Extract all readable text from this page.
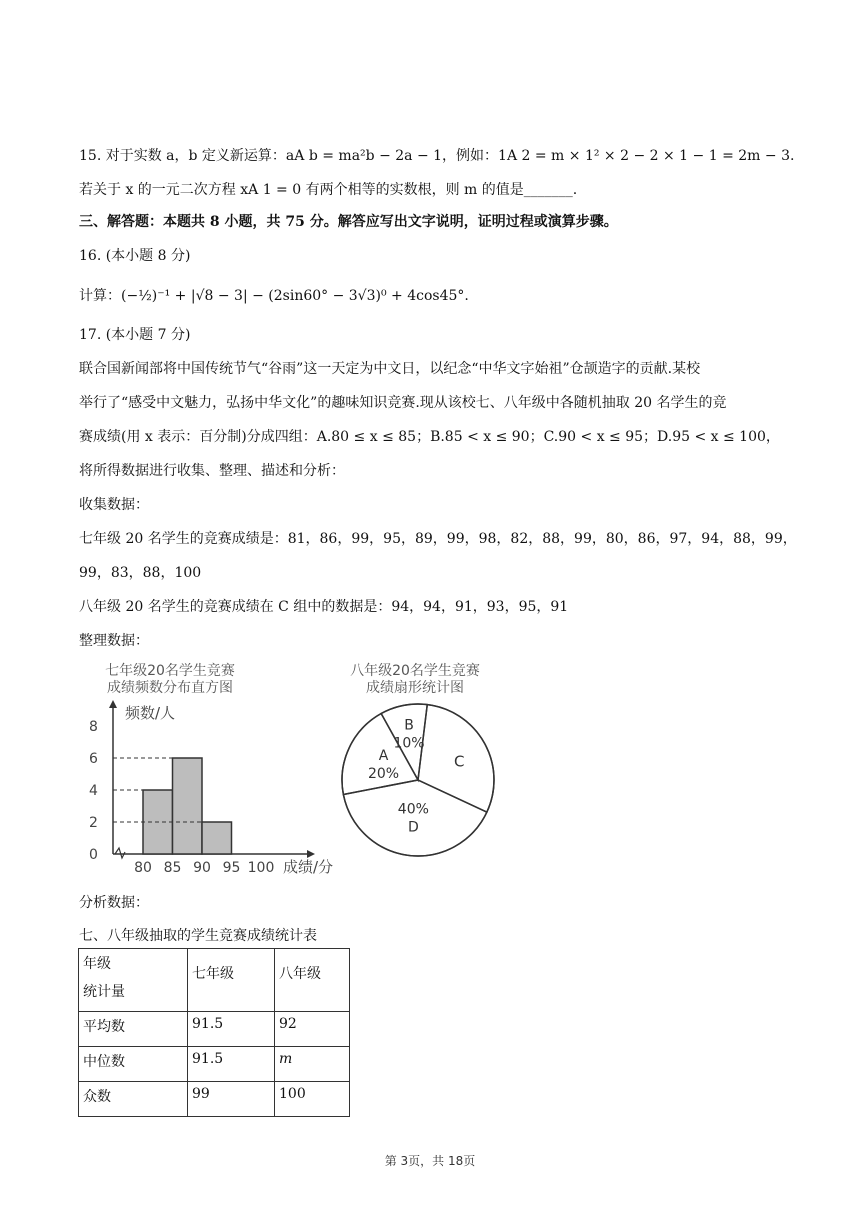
15. 对于实数 a，b 定义新运算：aA b = ma²b − 2a − 1，例如：1A 2 = m × 1² × 2 − 2 × 1 − 1 = 2m − 3.
若关于 x 的一元二次方程 xA 1 = 0 有两个相等的实数根，则 m 的值是_______.
三、解答题：本题共 8 小题，共 75 分。解答应写出文字说明，证明过程或演算步骤。
16. (本小题 8 分)
计算：(−½)⁻¹ + |√8 − 3| − (2sin60° − 3√3)⁰ + 4cos45°.
17. (本小题 7 分)
联合国新闻部将中国传统节气“谷雨”这一天定为中文日，以纪念“中华文字始祖”仓颉造字的贡献.某校
举行了“感受中文魅力，弘扬中华文化”的趣味知识竞赛.现从该校七、八年级中各随机抽取 20 名学生的竞
赛成绩(用 x 表示：百分制)分成四组：A.80 ≤ x ≤ 85；B.85 < x ≤ 90；C.90 < x ≤ 95；D.95 < x ≤ 100，
将所得数据进行收集、整理、描述和分析：
收集数据：
七年级 20 名学生的竞赛成绩是：81，86，99，95，89，99，98，82，88，99，80，86，97，94，88，99，
99，83，88，100
八年级 20 名学生的竞赛成绩在 C 组中的数据是：94，94，91，93，95，91
整理数据：
七年级20名学生竞赛
成绩频数分布直方图
0
2
4
6
8
80 85 90 95 100
频数/人
成绩/分
八年级20名学生竞赛
成绩扇形统计图
B
10%
C
40%
D
A
20%
分析数据：
七、八年级抽取的学生竞赛成绩统计表
年级
统计量	七年级	八年级
平均数	91.5	92
中位数	91.5	m
众数	99	100
第 3页，共 18页
